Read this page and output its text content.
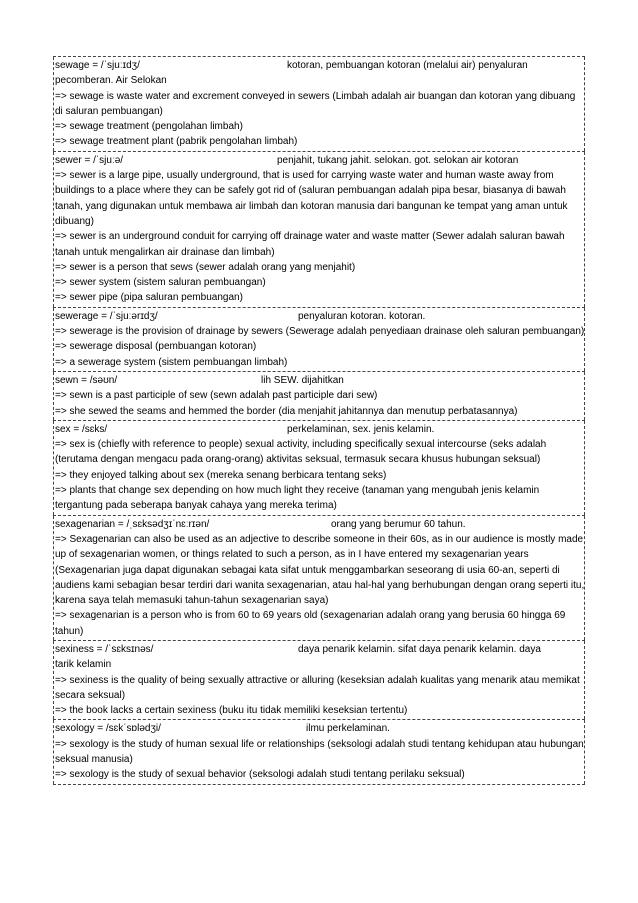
sewage = /ˈsjuːɪdʒ/	kotoran, pembuangan kotoran (melalui air) penyaluran
pecomberan. Air Selokan
=> sewage is waste water and excrement conveyed in sewers (Limbah adalah air buangan dan kotoran yang dibuang di saluran pembuangan)
=> sewage treatment (pengolahan limbah)
=> sewage treatment plant (pabrik pengolahan limbah)
sewer = /ˈsjuːə/	penjahit, tukang jahit. selokan. got. selokan air kotoran
=> sewer is a large pipe, usually underground, that is used for carrying waste water and human waste away from buildings to a place where they can be safely got rid of (saluran pembuangan adalah pipa besar, biasanya di bawah tanah, yang digunakan untuk membawa air limbah dan kotoran manusia dari bangunan ke tempat yang aman untuk dibuang)
=> sewer is an underground conduit for carrying off drainage water and waste matter (Sewer adalah saluran bawah tanah untuk mengalirkan air drainase dan limbah)
=> sewer is a person that sews (sewer adalah orang yang menjahit)
=> sewer system (sistem saluran pembuangan)
=> sewer pipe (pipa saluran pembuangan)
sewerage = /ˈsjuːərɪdʒ/	penyaluran kotoran. kotoran.
=> sewerage is the provision of drainage by sewers (Sewerage adalah penyediaan drainase oleh saluran pembuangan)
=> sewerage disposal (pembuangan kotoran)
=> a sewerage system (sistem pembuangan limbah)
sewn = /səʊn/	lih SEW. dijahitkan
=> sewn is a past participle of sew (sewn adalah past participle dari sew)
=> she sewed the seams and hemmed the border (dia menjahit jahitannya dan menutup perbatasannya)
sex = /sɛks/	perkelaminan, sex. jenis kelamin.
=> sex is (chiefly with reference to people) sexual activity, including specifically sexual intercourse (seks adalah (terutama dengan mengacu pada orang-orang) aktivitas seksual, termasuk secara khusus hubungan seksual)
=> they enjoyed talking about sex (mereka senang berbicara tentang seks)
=> plants that change sex depending on how much light they receive (tanaman yang mengubah jenis kelamin tergantung pada seberapa banyak cahaya yang mereka terima)
sexagenarian = /ˌsɛksədʒɪˈnɛːrɪən/	orang yang berumur 60 tahun.
=> Sexagenarian can also be used as an adjective to describe someone in their 60s, as in our audience is mostly made up of sexagenarian women, or things related to such a person, as in I have entered my sexagenarian years (Sexagenarian juga dapat digunakan sebagai kata sifat untuk menggambarkan seseorang di usia 60-an, seperti di audiens kami sebagian besar terdiri dari wanita sexagenarian, atau hal-hal yang berhubungan dengan orang seperti itu, karena saya telah memasuki tahun-tahun sexagenarian saya)
=> sexagenarian is a person who is from 60 to 69 years old (sexagenarian adalah orang yang berusia 60 hingga 69 tahun)
sexiness = /ˈsɛksɪnəs/	daya penarik kelamin. sifat daya penarik kelamin. daya
tarik kelamin
=> sexiness is the quality of being sexually attractive or alluring (keseksian adalah kualitas yang menarik atau memikat secara seksual)
=> the book lacks a certain sexiness (buku itu tidak memiliki keseksian tertentu)
sexology = /sɛkˈsɒlədʒi/	ilmu perkelaminan.
=> sexology is the study of human sexual life or relationships (seksologi adalah studi tentang kehidupan atau hubungan seksual manusia)
=> sexology is the study of sexual behavior (seksologi adalah studi tentang perilaku seksual)
